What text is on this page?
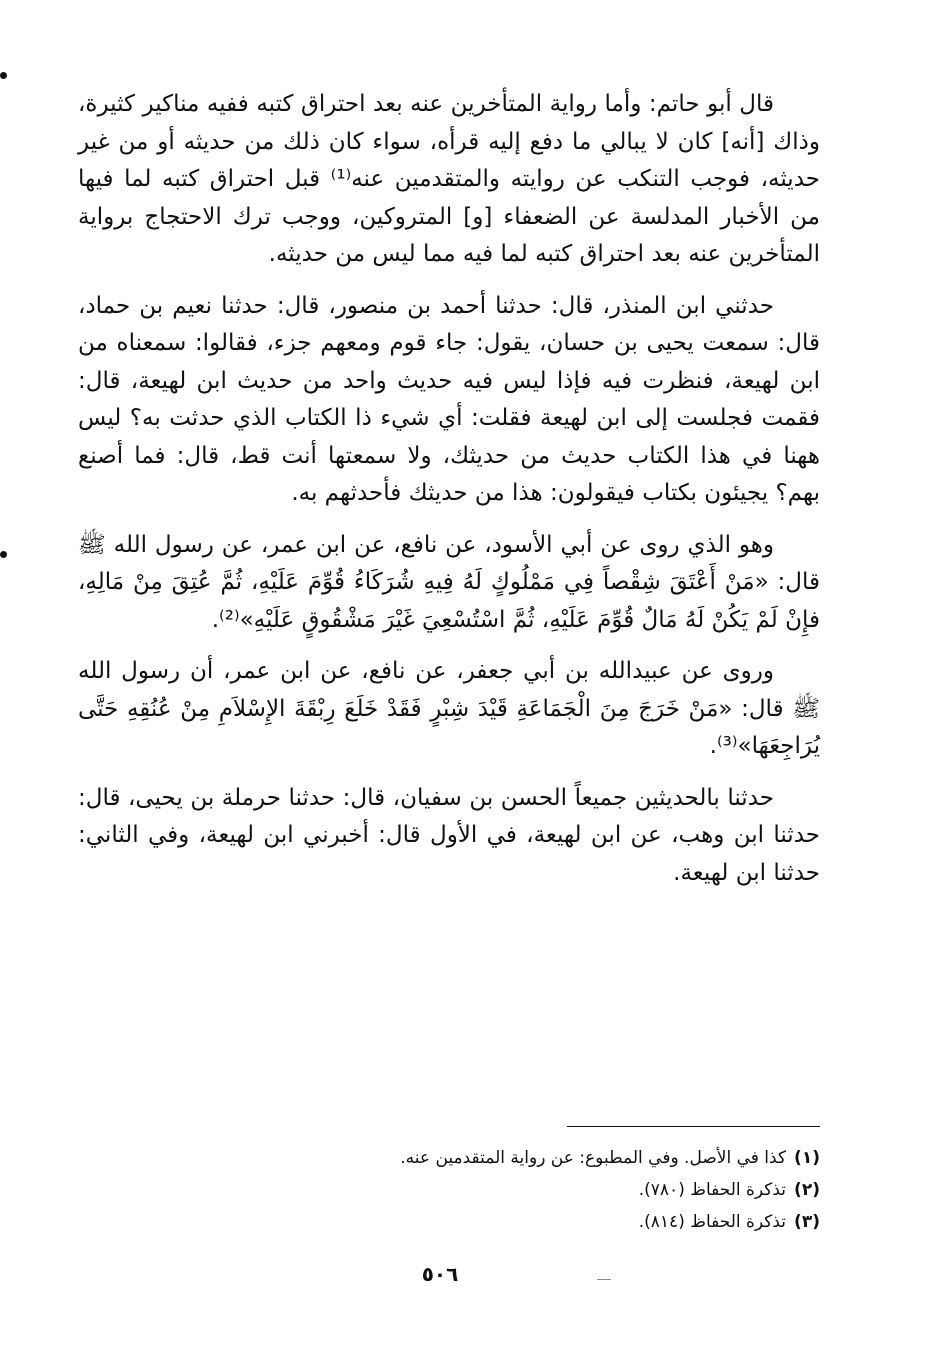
قال أبو حاتم: وأما رواية المتأخرين عنه بعد احتراق كتبه ففيه مناكير كثيرة، وذاك [أنه] كان لا يبالي ما دفع إليه قرأه، سواء كان ذلك من حديثه أو من غير حديثه، فوجب التنكب عن روايته والمتقدمين عنه⁽¹⁾ قبل احتراق كتبه لما فيها من الأخبار المدلسة عن الضعفاء [و] المتروكين، ووجب ترك الاحتجاج برواية المتأخرين عنه بعد احتراق كتبه لما فيه مما ليس من حديثه.

حدثني ابن المنذر، قال: حدثنا أحمد بن منصور، قال: حدثنا نعيم بن حماد، قال: سمعت يحيى بن حسان، يقول: جاء قوم ومعهم جزء، فقالوا: سمعناه من ابن لهيعة، فنظرت فيه فإذا ليس فيه حديث واحد من حديث ابن لهيعة، قال: فقمت فجلست إلى ابن لهيعة فقلت: أي شيء ذا الكتاب الذي حدثت به؟ ليس ههنا في هذا الكتاب حديث من حديثك، ولا سمعتها أنت قط، قال: فما أصنع بهم؟ يجيئون بكتاب فيقولون: هذا من حديثك فأحدثهم به.

وهو الذي روى عن أبي الأسود، عن نافع، عن ابن عمر، عن رسول الله ﷺ قال: «مَنْ أَعْتَقَ شِقْصاً فِي مَمْلُوكٍ لَهُ فِيهِ شُرَكَاءُ قُوِّمَ عَلَيْهِ، ثُمَّ عُتِقَ مِنْ مَالِهِ، فإِنْ لَمْ يَكُنْ لَهُ مَالٌ قُوِّمَ عَلَيْهِ، ثُمَّ اسْتُسْعِيَ غَيْرَ مَشْقُوقٍ عَلَيْهِ»⁽²⁾.

وروى عن عبيدالله بن أبي جعفر، عن نافع، عن ابن عمر، أن رسول الله ﷺ قال: «مَنْ خَرَجَ مِنَ الْجَمَاعَةِ قَيْدَ شِبْرٍ فَقَدْ خَلَعَ رِبْقَةَ الإِسْلاَمِ مِنْ عُنُقِهِ حَتَّى يُرَاجِعَهَا»⁽³⁾.

حدثنا بالحديثين جميعاً الحسن بن سفيان، قال: حدثنا حرملة بن يحيى، قال: حدثنا ابن وهب، عن ابن لهيعة، في الأول قال: أخبرني ابن لهيعة، وفي الثاني: حدثنا ابن لهيعة.

(١)كذا في الأصل. وفي المطبوع: عن رواية المتقدمين عنه.
(٢)تذكرة الحفاظ (٧٨٠).
(٣)تذكرة الحفاظ (٨١٤).
٥٠٦
